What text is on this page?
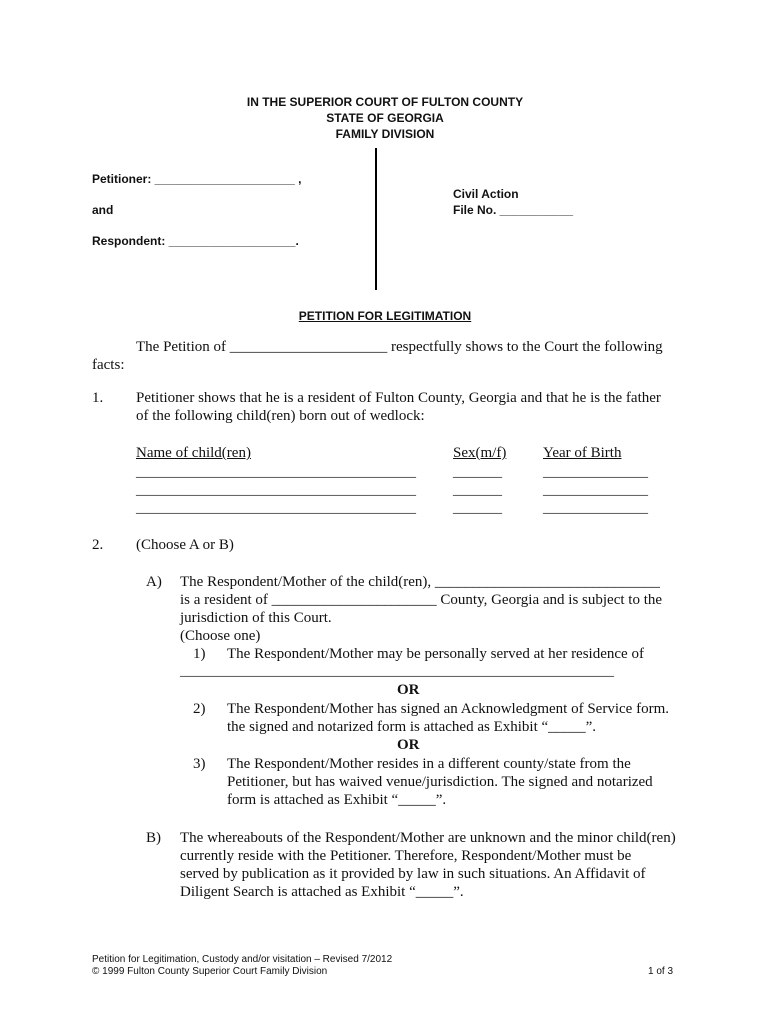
IN THE SUPERIOR COURT OF FULTON COUNTY
STATE OF GEORGIA
FAMILY DIVISION
Petitioner: _____________________ ,
and
Respondent: ___________________.
Civil Action
File No. ___________
PETITION FOR LEGITIMATION
The Petition of _____________________ respectfully shows to the Court the following
facts:
1. Petitioner shows that he is a resident of Fulton County, Georgia and that he is the father
of the following child(ren) born out of wedlock:
Name of child(ren)	Sex(m/f) Year of Birth
________________________________________	_______	_______________
________________________________________	_______	_______________
________________________________________	_______	_______________
2. (Choose A or B)
A) The Respondent/Mother of the child(ren), ______________________________
is a resident of ______________________ County, Georgia and is subject to the
jurisdiction of this Court.
(Choose one)
1) The Respondent/Mother may be personally served at her residence of
______________________________________________________________
OR
2) The Respondent/Mother has signed an Acknowledgment of Service form.
the signed and notarized form is attached as Exhibit “_____”.
OR
3) The Respondent/Mother resides in a different county/state from the
Petitioner, but has waived venue/jurisdiction. The signed and notarized
form is attached as Exhibit “_____”.
B) The whereabouts of the Respondent/Mother are unknown and the minor child(ren)
currently reside with the Petitioner. Therefore, Respondent/Mother must be
served by publication as it provided by law in such situations. An Affidavit of
Diligent Search is attached as Exhibit “_____”.
Petition for Legitimation, Custody and/or visitation – Revised 7/2012
© 1999 Fulton County Superior Court Family Division	1 of 3
